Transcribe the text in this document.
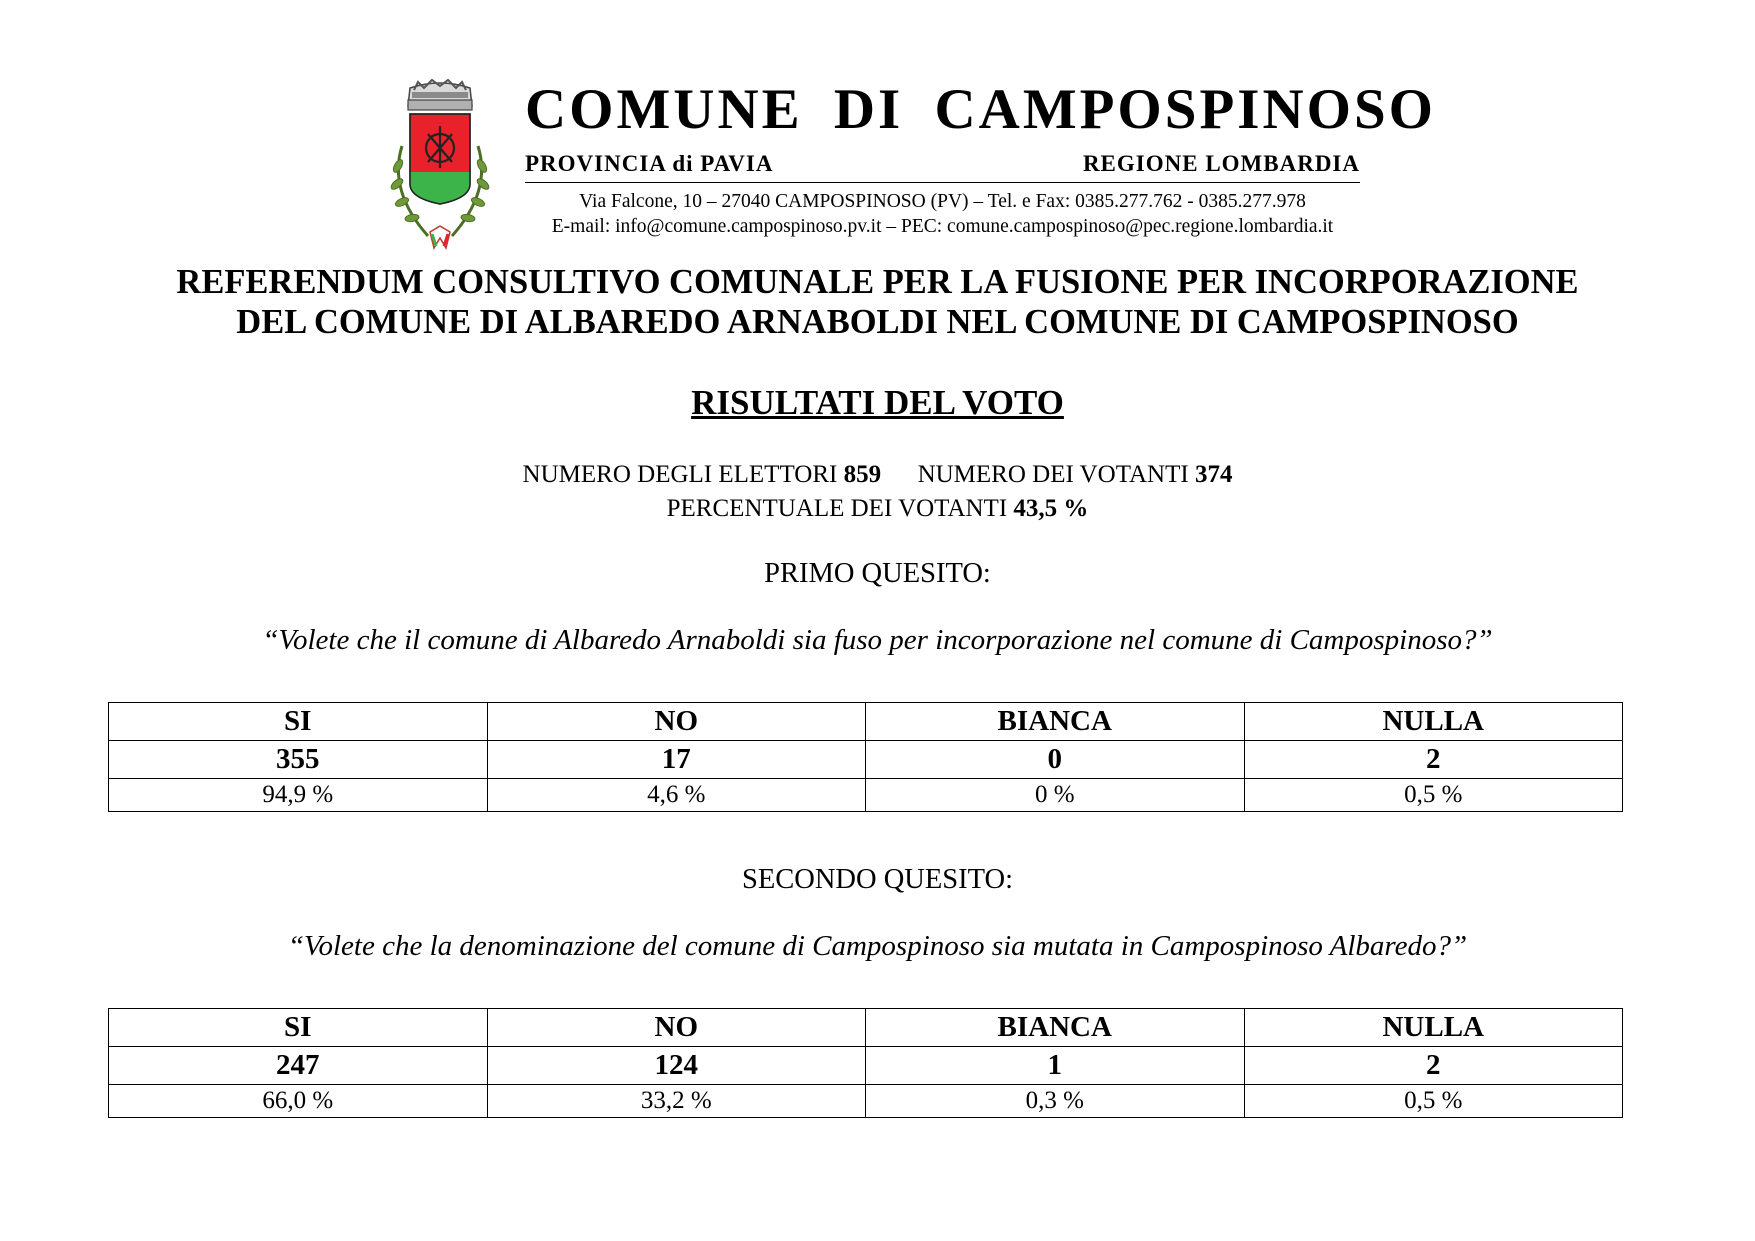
COMUNE DI CAMPOSPINOSO
PROVINCIA di PAVIA	REGIONE LOMBARDIA
Via Falcone, 10 – 27040 CAMPOSPINOSO (PV) – Tel. e Fax: 0385.277.762 - 0385.277.978
E-mail: info@comune.campospinoso.pv.it – PEC: comune.campospinoso@pec.regione.lombardia.it
REFERENDUM CONSULTIVO COMUNALE PER LA FUSIONE PER INCORPORAZIONE
DEL COMUNE DI ALBAREDO ARNABOLDI NEL COMUNE DI CAMPOSPINOSO
RISULTATI DEL VOTO
NUMERO DEGLI ELETTORI 859 NUMERO DEI VOTANTI 374
PERCENTUALE DEI VOTANTI 43,5 %
PRIMO QUESITO:
“Volete che il comune di Albaredo Arnaboldi sia fuso per incorporazione nel comune di Campospinoso?”
SI	NO	BIANCA	NULLA
355	17	0	2
94,9 %	4,6 %	0 %	0,5 %
SECONDO QUESITO:
“Volete che la denominazione del comune di Campospinoso sia mutata in Campospinoso Albaredo?”
SI	NO	BIANCA	NULLA
247	124	1	2
66,0 %	33,2 %	0,3 %	0,5 %
